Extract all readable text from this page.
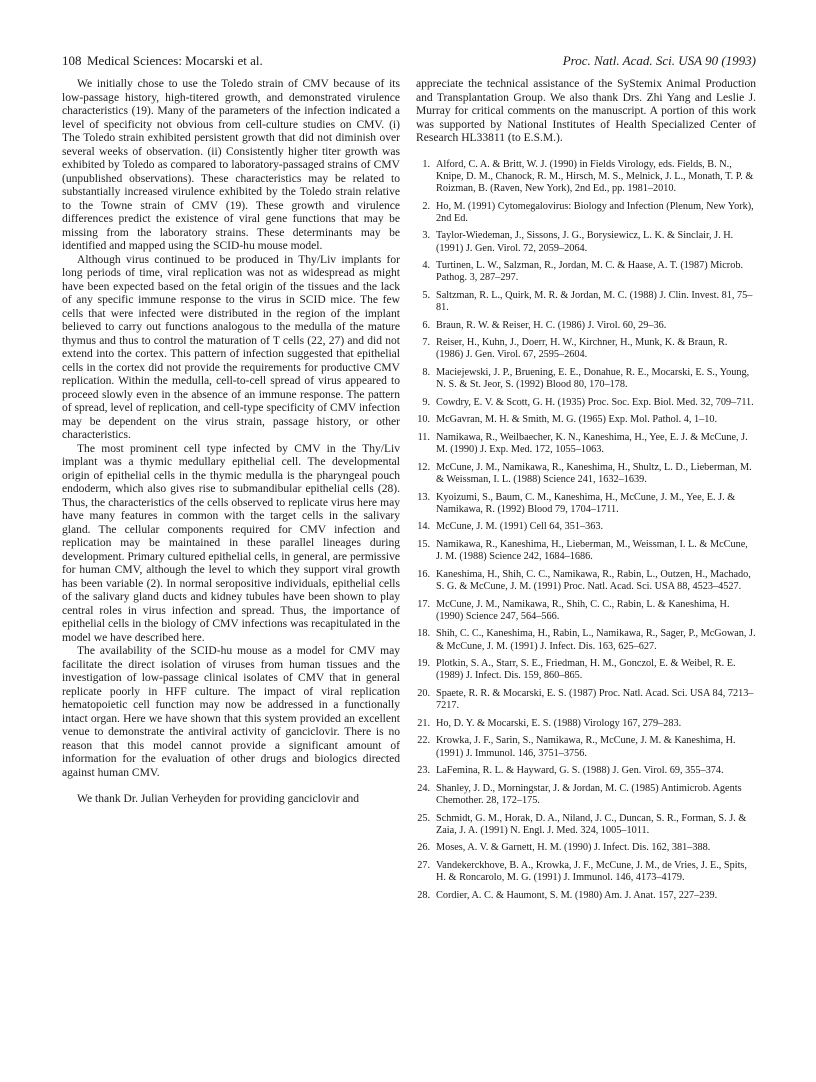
108 Medical Sciences: Mocarski et al.	Proc. Natl. Acad. Sci. USA 90 (1993)

We initially chose to use the Toledo strain of CMV because of its low-passage history, high-titered growth, and demonstrated virulence characteristics (19). Many of the parameters of the infection indicated a level of specificity not obvious from cell-culture studies on CMV. (i) The Toledo strain exhibited persistent growth that did not diminish over several weeks of observation. (ii) Consistently higher titer growth was exhibited by Toledo as compared to laboratory-passaged strains of CMV (unpublished observations). These characteristics may be related to substantially increased virulence exhibited by the Toledo strain relative to the Towne strain of CMV (19). These growth and virulence differences predict the existence of viral gene functions that may be missing from the laboratory strains. These determinants may be identified and mapped using the SCID-hu mouse model.

Although virus continued to be produced in Thy/Liv implants for long periods of time, viral replication was not as widespread as might have been expected based on the fetal origin of the tissues and the lack of any specific immune response to the virus in SCID mice. The few cells that were infected were distributed in the region of the implant believed to carry out functions analogous to the medulla of the mature thymus and thus to control the maturation of T cells (22, 27) and did not extend into the cortex. This pattern of infection suggested that epithelial cells in the cortex did not provide the requirements for productive CMV replication. Within the medulla, cell-to-cell spread of virus appeared to proceed slowly even in the absence of an immune response. The pattern of spread, level of replication, and cell-type specificity of CMV infection may be dependent on the virus strain, passage history, or other characteristics.

The most prominent cell type infected by CMV in the Thy/Liv implant was a thymic medullary epithelial cell. The developmental origin of epithelial cells in the thymic medulla is the pharyngeal pouch endoderm, which also gives rise to submandibular epithelial cells (28). Thus, the characteristics of the cells observed to replicate virus here may have many features in common with the target cells in the salivary gland. The cellular components required for CMV infection and replication may be maintained in these parallel lineages during development. Primary cultured epithelial cells, in general, are permissive for human CMV, although the level to which they support viral growth has been variable (2). In normal seropositive individuals, epithelial cells of the salivary gland ducts and kidney tubules have been shown to play central roles in virus infection and spread. Thus, the importance of epithelial cells in the biology of CMV infections was recapitulated in the model we have described here.

The availability of the SCID-hu mouse as a model for CMV may facilitate the direct isolation of viruses from human tissues and the investigation of low-passage clinical isolates of CMV that in general replicate poorly in HFF culture. The impact of viral replication hematopoietic cell function may now be addressed in a functionally intact organ. Here we have shown that this system provided an excellent venue to demonstrate the antiviral activity of ganciclovir. There is no reason that this model cannot provide a significant amount of information for the evaluation of other drugs and biologics directed against human CMV.

We thank Dr. Julian Verheyden for providing ganciclovir and

appreciate the technical assistance of the SyStemix Animal Production and Transplantation Group. We also thank Drs. Zhi Yang and Leslie J. Murray for critical comments on the manuscript. A portion of this work was supported by National Institutes of Health Specialized Center of Research HL33811 (to E.S.M.).

1. Alford, C. A. & Britt, W. J. (1990) in Fields Virology, eds. Fields, B. N., Knipe, D. M., Chanock, R. M., Hirsch, M. S., Melnick, J. L., Monath, T. P. & Roizman, B. (Raven, New York), 2nd Ed., pp. 1981–2010.
2. Ho, M. (1991) Cytomegalovirus: Biology and Infection (Plenum, New York), 2nd Ed.
3. Taylor-Wiedeman, J., Sissons, J. G., Borysiewicz, L. K. & Sinclair, J. H. (1991) J. Gen. Virol. 72, 2059–2064.
4. Turtinen, L. W., Salzman, R., Jordan, M. C. & Haase, A. T. (1987) Microb. Pathog. 3, 287–297.
5. Saltzman, R. L., Quirk, M. R. & Jordan, M. C. (1988) J. Clin. Invest. 81, 75–81.
6. Braun, R. W. & Reiser, H. C. (1986) J. Virol. 60, 29–36.
7. Reiser, H., Kuhn, J., Doerr, H. W., Kirchner, H., Munk, K. & Braun, R. (1986) J. Gen. Virol. 67, 2595–2604.
8. Maciejewski, J. P., Bruening, E. E., Donahue, R. E., Mocarski, E. S., Young, N. S. & St. Jeor, S. (1992) Blood 80, 170–178.
9. Cowdry, E. V. & Scott, G. H. (1935) Proc. Soc. Exp. Biol. Med. 32, 709–711.
10. McGavran, M. H. & Smith, M. G. (1965) Exp. Mol. Pathol. 4, 1–10.
11. Namikawa, R., Weilbaecher, K. N., Kaneshima, H., Yee, E. J. & McCune, J. M. (1990) J. Exp. Med. 172, 1055–1063.
12. McCune, J. M., Namikawa, R., Kaneshima, H., Shultz, L. D., Lieberman, M. & Weissman, I. L. (1988) Science 241, 1632–1639.
13. Kyoizumi, S., Baum, C. M., Kaneshima, H., McCune, J. M., Yee, E. J. & Namikawa, R. (1992) Blood 79, 1704–1711.
14. McCune, J. M. (1991) Cell 64, 351–363.
15. Namikawa, R., Kaneshima, H., Lieberman, M., Weissman, I. L. & McCune, J. M. (1988) Science 242, 1684–1686.
16. Kaneshima, H., Shih, C. C., Namikawa, R., Rabin, L., Outzen, H., Machado, S. G. & McCune, J. M. (1991) Proc. Natl. Acad. Sci. USA 88, 4523–4527.
17. McCune, J. M., Namikawa, R., Shih, C. C., Rabin, L. & Kaneshima, H. (1990) Science 247, 564–566.
18. Shih, C. C., Kaneshima, H., Rabin, L., Namikawa, R., Sager, P., McGowan, J. & McCune, J. M. (1991) J. Infect. Dis. 163, 625–627.
19. Plotkin, S. A., Starr, S. E., Friedman, H. M., Gonczol, E. & Weibel, R. E. (1989) J. Infect. Dis. 159, 860–865.
20. Spaete, R. R. & Mocarski, E. S. (1987) Proc. Natl. Acad. Sci. USA 84, 7213–7217.
21. Ho, D. Y. & Mocarski, E. S. (1988) Virology 167, 279–283.
22. Krowka, J. F., Sarin, S., Namikawa, R., McCune, J. M. & Kaneshima, H. (1991) J. Immunol. 146, 3751–3756.
23. LaFemina, R. L. & Hayward, G. S. (1988) J. Gen. Virol. 69, 355–374.
24. Shanley, J. D., Morningstar, J. & Jordan, M. C. (1985) Antimicrob. Agents Chemother. 28, 172–175.
25. Schmidt, G. M., Horak, D. A., Niland, J. C., Duncan, S. R., Forman, S. J. & Zaia, J. A. (1991) N. Engl. J. Med. 324, 1005–1011.
26. Moses, A. V. & Garnett, H. M. (1990) J. Infect. Dis. 162, 381–388.
27. Vandekerckhove, B. A., Krowka, J. F., McCune, J. M., de Vries, J. E., Spits, H. & Roncarolo, M. G. (1991) J. Immunol. 146, 4173–4179.
28. Cordier, A. C. & Haumont, S. M. (1980) Am. J. Anat. 157, 227–239.
